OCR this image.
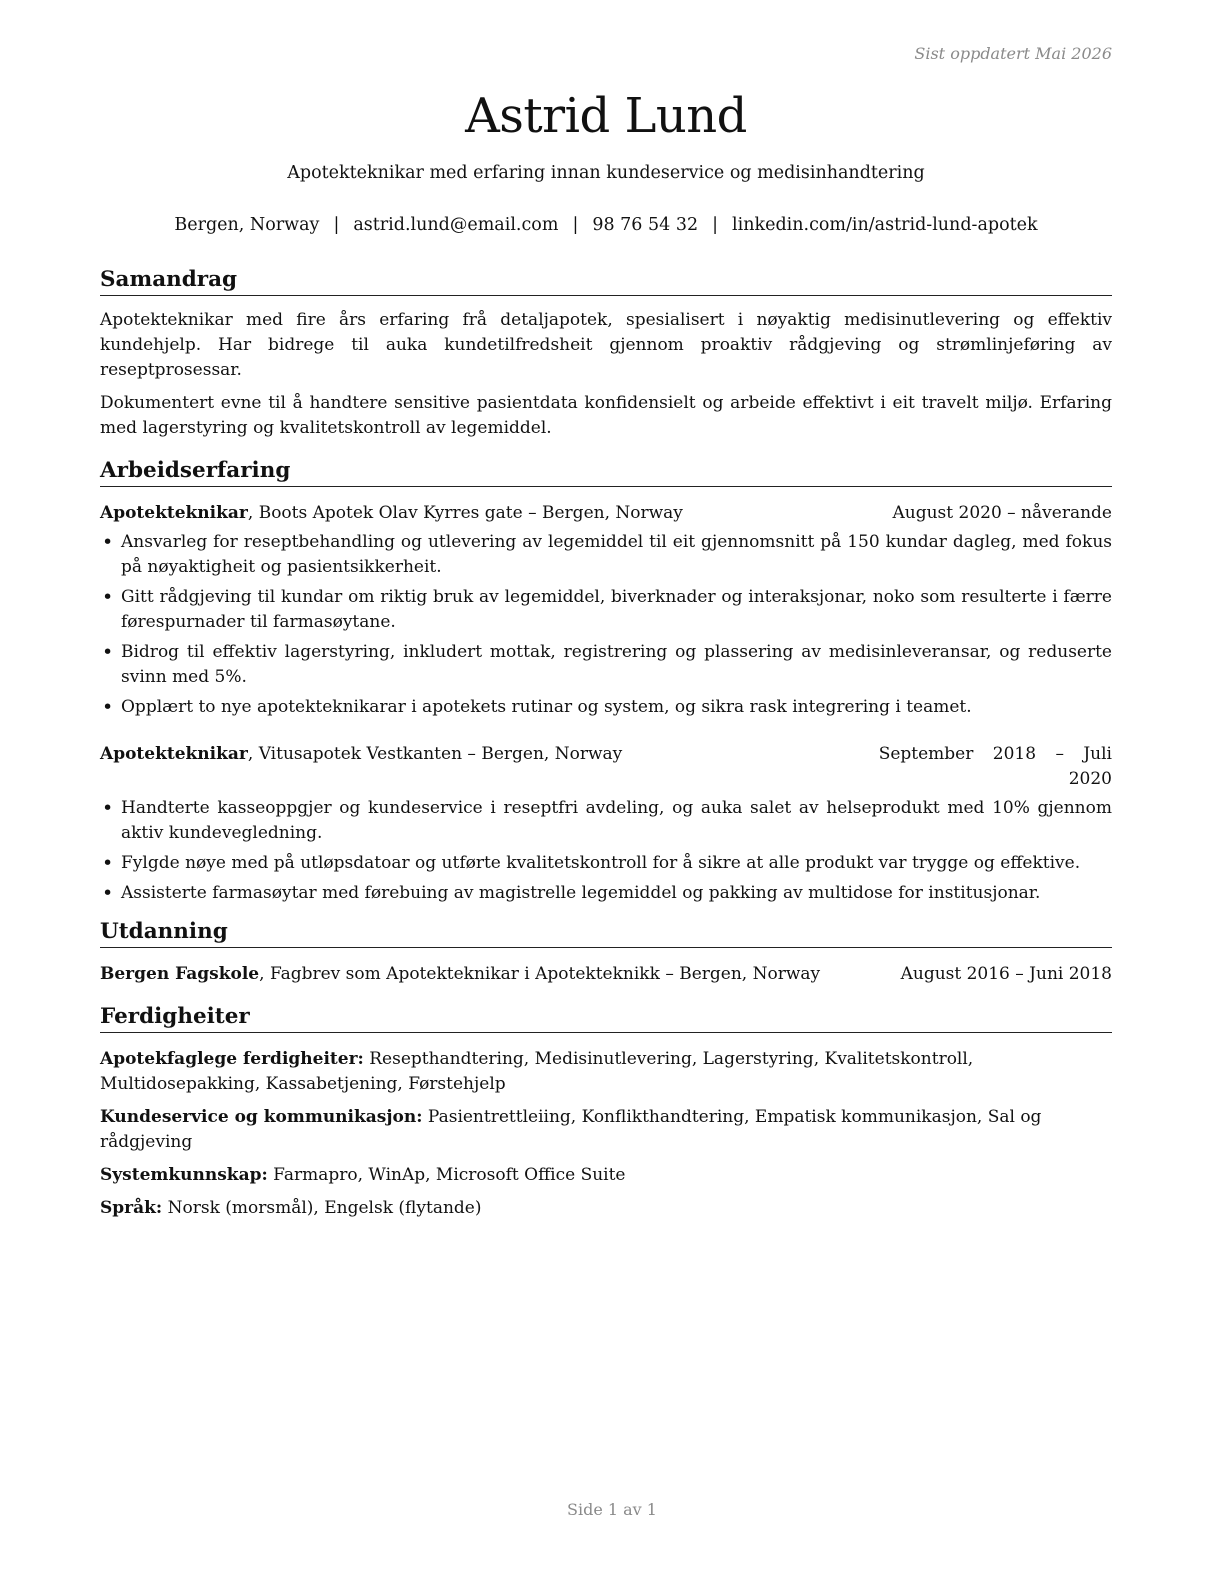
Sist oppdatert Mai 2026
Astrid Lund
Apotekteknikar med erfaring innan kundeservice og medisinhandtering
Bergen, Norway | astrid.lund@email.com | 98 76 54 32 | linkedin.com/in/astrid-lund-apotek
Samandrag

Apotekteknikar med fire års erfaring frå detaljapotek, spesialisert i nøyaktig medisinutlevering og effektiv kundehjelp. Har bidrege til auka kundetilfredsheit gjennom proaktiv rådgjeving og strømlinjeføring av reseptprosessar.

Dokumentert evne til å handtere sensitive pasientdata konfidensielt og arbeide effektivt i eit travelt miljø. Erfaring med lagerstyring og kvalitetskontroll av legemiddel.

Arbeidserfaring
Apotekteknikar, Boots Apotek Olav Kyrres gate – Bergen, Norway	August 2020 – nåverande
• Ansvarleg for reseptbehandling og utlevering av legemiddel til eit gjennomsnitt på 150 kundar dagleg, med fokus på nøyaktigheit og pasientsikkerheit.
• Gitt rådgjeving til kundar om riktig bruk av legemiddel, biverknader og interaksjonar, noko som resulterte i færre førespurnader til farmasøytane.
• Bidrog til effektiv lagerstyring, inkludert mottak, registrering og plassering av medisinleveransar, og reduserte svinn med 5%.
• Opplært to nye apotekteknikarar i apotekets rutinar og system, og sikra rask integrering i teamet.
Apotekteknikar, Vitusapotek Vestkanten – Bergen, Norway	September 2018 – Juli 2020
• Handterte kasseoppgjer og kundeservice i reseptfri avdeling, og auka salet av helseprodukt med 10% gjennom aktiv kundevegledning.
• Fylgde nøye med på utløpsdatoar og utførte kvalitetskontroll for å sikre at alle produkt var trygge og effektive.
• Assisterte farmasøytar med førebuing av magistrelle legemiddel og pakking av multidose for institusjonar.
Utdanning
Bergen Fagskole, Fagbrev som Apotekteknikar i Apotekteknikk – Bergen, Norway	August 2016 – Juni 2018
Ferdigheiter
Apotekfaglege ferdigheiter: Resepthandtering, Medisinutlevering, Lagerstyring, Kvalitetskontroll, Multidosepakking, Kassabetjening, Førstehjelp
Kundeservice og kommunikasjon: Pasientrettleiing, Konflikthandtering, Empatisk kommunikasjon, Sal og rådgjeving
Systemkunnskap: Farmapro, WinAp, Microsoft Office Suite
Språk: Norsk (morsmål), Engelsk (flytande)
Side 1 av 1
